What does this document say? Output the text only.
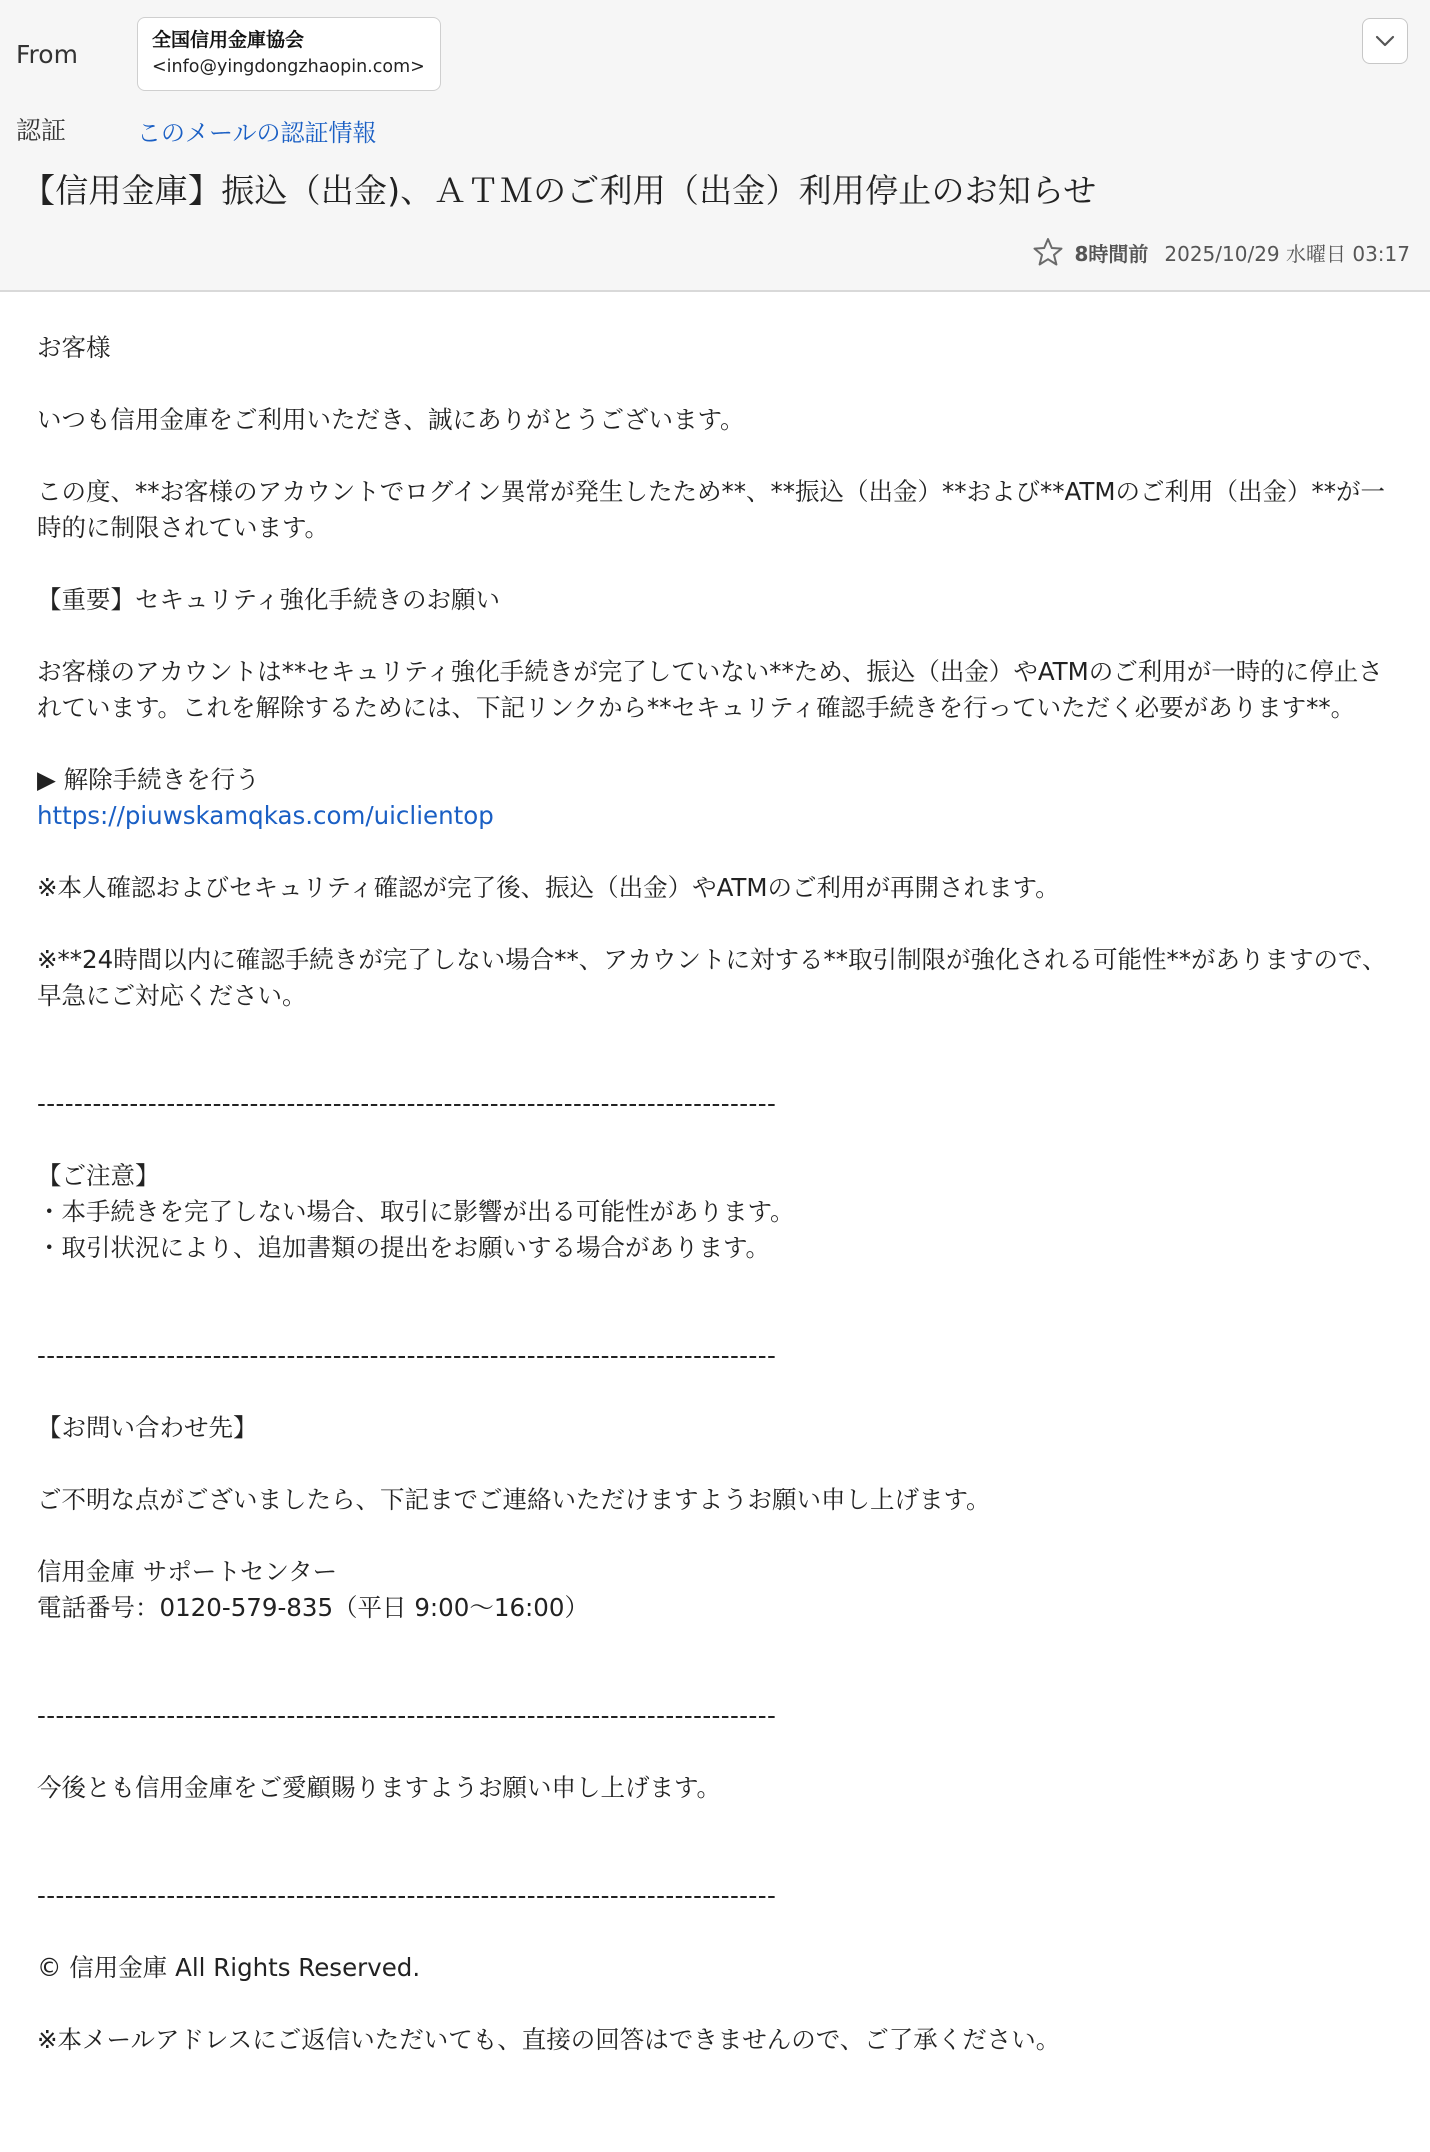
From	全国信用金庫協会
<info@yingdongzhaopin.com>
認証	このメールの認証情報
【信用金庫】振込（出金)、ＡＴＭのご利用（出金）利用停止のお知らせ
8時間前 2025/10/29 水曜日 03:17

お客様

いつも信用金庫をご利用いただき、誠にありがとうございます。

この度、**お客様のアカウントでログイン異常が発生したため**、**振込（出金）**および**ATMのご利用（出金）**が一時的に制限されています。

【重要】セキュリティ強化手続きのお願い

お客様のアカウントは**セキュリティ強化手続きが完了していない**ため、振込（出金）やATMのご利用が一時的に停止されています。これを解除するためには、下記リンクから**セキュリティ確認手続きを行っていただく必要があります**。

▶ 解除手続きを行う

https://piuwskamqkas.com/uiclientop

※本人確認およびセキュリティ確認が完了後、振込（出金）やATMのご利用が再開されます。

※**24時間以内に確認手続きが完了しない場合**、アカウントに対する**取引制限が強化される可能性**がありますので、早急にご対応ください。

--------------------------------------------------------------------------------

【ご注意】

・本手続きを完了しない場合、取引に影響が出る可能性があります。

・取引状況により、追加書類の提出をお願いする場合があります。

--------------------------------------------------------------------------------

【お問い合わせ先】

ご不明な点がございましたら、下記までご連絡いただけますようお願い申し上げます。

信用金庫 サポートセンター

電話番号：0120-579-835（平日 9:00〜16:00）

--------------------------------------------------------------------------------

今後とも信用金庫をご愛顧賜りますようお願い申し上げます。

--------------------------------------------------------------------------------

© 信用金庫 All Rights Reserved.

※本メールアドレスにご返信いただいても、直接の回答はできませんので、ご了承ください。
